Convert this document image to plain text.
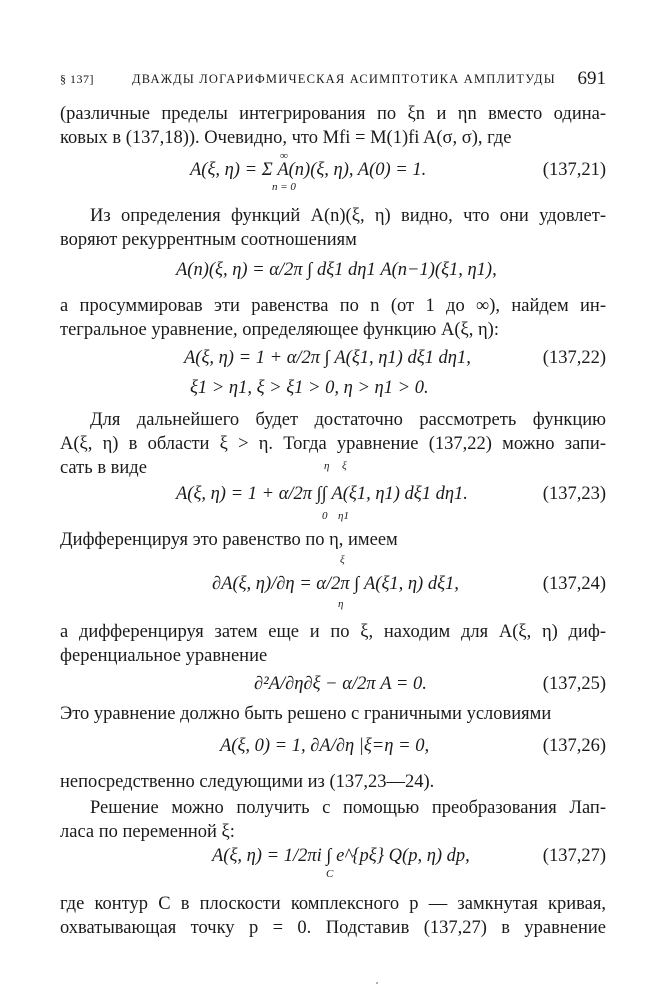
§ 137]	ДВАЖДЫ ЛОГАРИФМИЧЕСКАЯ АСИМПТОТИКА АМПЛИТУДЫ 691
(различные пределы интегрирования по ξn и ηn вместо одина-
ковых в (137,18)). Очевидно, что Mfi = M(1)fi A(σ, σ), где
A(ξ, η) = Σ A(n)(ξ, η), A(0) = 1.
∞
n = 0
(137,21)
Из определения функций A(n)(ξ, η) видно, что они удовлет-
воряют рекуррентным соотношениям
A(n)(ξ, η) = α/2π ∫ dξ1 dη1 A(n−1)(ξ1, η1),
а просуммировав эти равенства по n (от 1 до ∞), найдем ин-
тегральное уравнение, определяющее функцию A(ξ, η):
A(ξ, η) = 1 + α/2π ∫ A(ξ1, η1) dξ1 dη1,	(137,22)
ξ1 > η1, ξ > ξ1 > 0, η > η1 > 0.
Для дальнейшего будет достаточно рассмотреть функцию
A(ξ, η) в области ξ > η. Тогда уравнение (137,22) можно запи-
сать в виде
A(ξ, η) = 1 + α/2π ∫∫ A(ξ1, η1) dξ1 dη1.
η
0
ξ
η1
(137,23)
Дифференцируя это равенство по η, имеем
∂A(ξ, η)/∂η = α/2π ∫ A(ξ1, η) dξ1,
ξ
η
(137,24)
а дифференцируя затем еще и по ξ, находим для A(ξ, η) диф-
ференциальное уравнение
∂²A/∂η∂ξ − α/2π A = 0.	(137,25)
Это уравнение должно быть решено с граничными условиями
A(ξ, 0) = 1, ∂A/∂η |ξ=η = 0,	(137,26)
непосредственно следующими из (137,23—24).
Решение можно получить с помощью преобразования Лап-
ласа по переменной ξ:
A(ξ, η) = 1/2πi ∫ e^{pξ} Q(p, η) dp,
C
(137,27)
где контур C в плоскости комплексного p — замкнутая кривая,
охватывающая точку p = 0. Подставив (137,27) в уравнение
